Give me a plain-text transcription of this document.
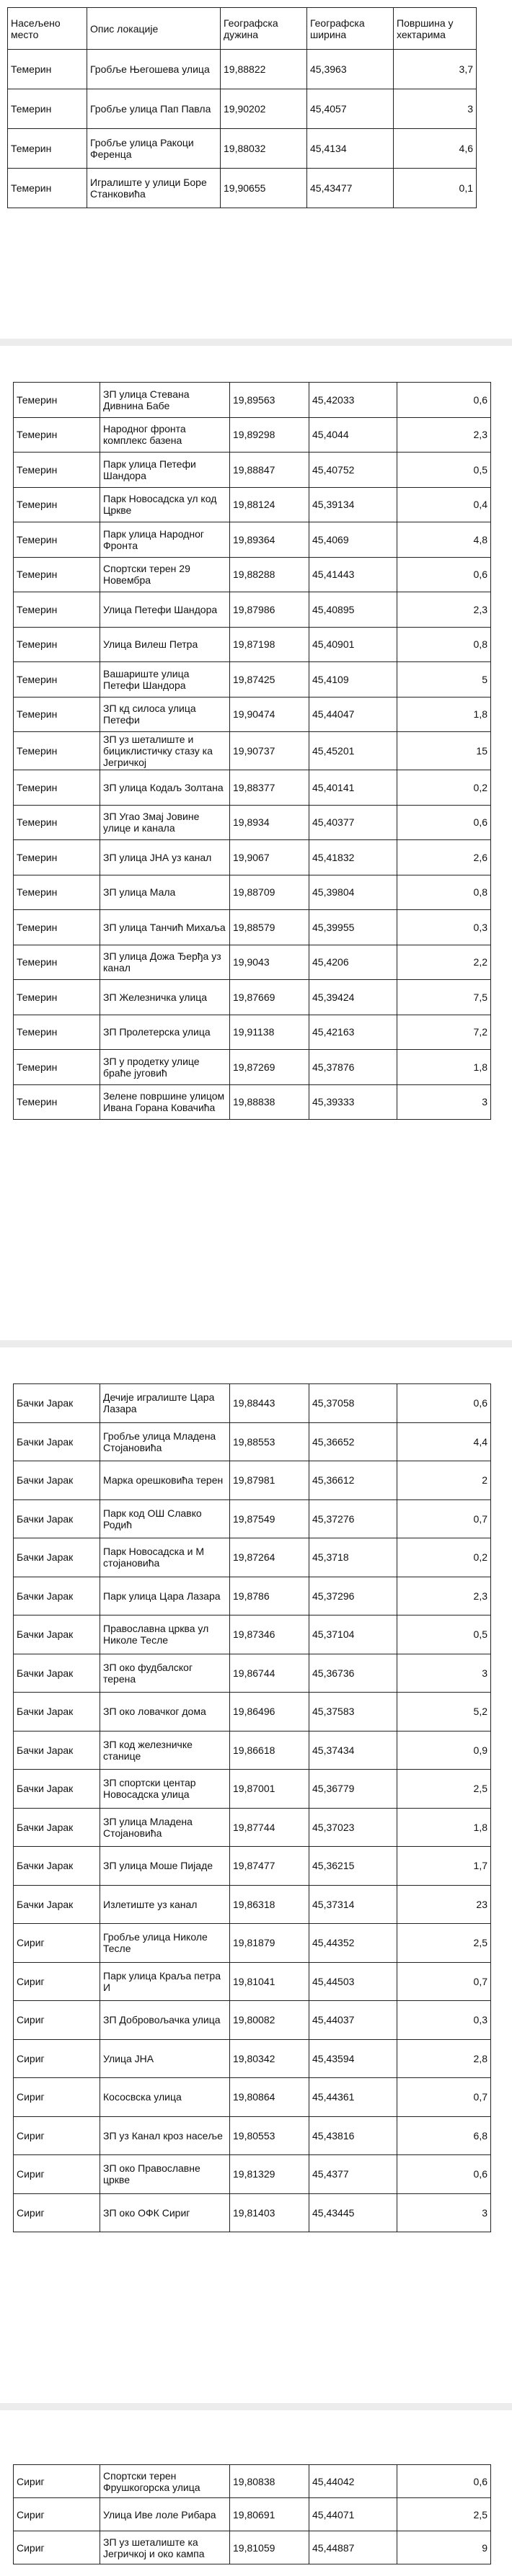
Насељено место	Опис локације	Географска дужина	Географска ширина	Површина у хектарима
Темерин	Гробље Његошева улица	19,88822	45,3963	3,7
Темерин	Гробље улица Пап Павла	19,90202	45,4057	3
Темерин	Гробље улица Ракоци Ференца	19,88032	45,4134	4,6
Темерин	Игралиште у улици Боре Станковића	19,90655	45,43477	0,1
Темерин	ЗП улица Стевана Дивнина Бабе	19,89563	45,42033	0,6
Темерин	Народног фронта комплекс базена	19,89298	45,4044	2,3
Темерин	Парк улица Петефи Шандора	19,88847	45,40752	0,5
Темерин	Парк Новосадска ул код Цркве	19,88124	45,39134	0,4
Темерин	Парк улица Народног Фронта	19,89364	45,4069	4,8
Темерин	Спортски терен 29 Новембра	19,88288	45,41443	0,6
Темерин	Улица Петефи Шандора	19,87986	45,40895	2,3
Темерин	Улица Вилеш Петра	19,87198	45,40901	0,8
Темерин	Вашариште улица Петефи Шандора	19,87425	45,4109	5
Темерин	ЗП кд силоса улица Петефи	19,90474	45,44047	1,8
Темерин	ЗП уз шеталиште и бициклистичку стазу ка Јегричкој	19,90737	45,45201	15
Темерин	ЗП улица Кодаљ Золтана	19,88377	45,40141	0,2
Темерин	ЗП Угао Змај Јовине улице и канала	19,8934	45,40377	0,6
Темерин	ЗП улица ЈНА уз канал	19,9067	45,41832	2,6
Темерин	ЗП улица Мала	19,88709	45,39804	0,8
Темерин	ЗП улица Танчић Михаља	19,88579	45,39955	0,3
Темерин	ЗП улица Дожа Ђерђа уз канал	19,9043	45,4206	2,2
Темерин	ЗП Железничка улица	19,87669	45,39424	7,5
Темерин	ЗП Пролетерска улица	19,91138	45,42163	7,2
Темерин	ЗП у продетку улице браће југовић	19,87269	45,37876	1,8
Темерин	Зелене површине улицом Ивана Горана Ковачића	19,88838	45,39333	3
Бачки Јарак	Дечије игралиште Цара Лазара	19,88443	45,37058	0,6
Бачки Јарак	Гробље улица Младена Стојановића	19,88553	45,36652	4,4
Бачки Јарак	Марка орешковића терен	19,87981	45,36612	2
Бачки Јарак	Парк код ОШ Славко Родић	19,87549	45,37276	0,7
Бачки Јарак	Парк Новосадска и М стојановића	19,87264	45,3718	0,2
Бачки Јарак	Парк улица Цара Лазара	19,8786	45,37296	2,3
Бачки Јарак	Православна црква ул Николе Тесле	19,87346	45,37104	0,5
Бачки Јарак	ЗП око фудбалског терена	19,86744	45,36736	3
Бачки Јарак	ЗП око ловачког дома	19,86496	45,37583	5,2
Бачки Јарак	ЗП код железничке станице	19,86618	45,37434	0,9
Бачки Јарак	ЗП спортски центар Новосадска улица	19,87001	45,36779	2,5
Бачки Јарак	ЗП улица Младена Стојановића	19,87744	45,37023	1,8
Бачки Јарак	ЗП улица Моше Пијаде	19,87477	45,36215	1,7
Бачки Јарак	Излетиште уз канал	19,86318	45,37314	23
Сириг	Гробље улица Николе Тесле	19,81879	45,44352	2,5
Сириг	Парк улица Краља петра И	19,81041	45,44503	0,7
Сириг	ЗП Добровољачка улица	19,80082	45,44037	0,3
Сириг	Улица ЈНА	19,80342	45,43594	2,8
Сириг	Кососвска улица	19,80864	45,44361	0,7
Сириг	ЗП уз Канал кроз насеље	19,80553	45,43816	6,8
Сириг	ЗП око Православне цркве	19,81329	45,4377	0,6
Сириг	ЗП око ОФК Сириг	19,81403	45,43445	3
Сириг	Спортски терен Фрушкогорска улица	19,80838	45,44042	0,6
Сириг	Улица Иве лоле Рибара	19,80691	45,44071	2,5
Сириг	ЗП уз шеталиште ка Јегричкој и око кампа	19,81059	45,44887	9
